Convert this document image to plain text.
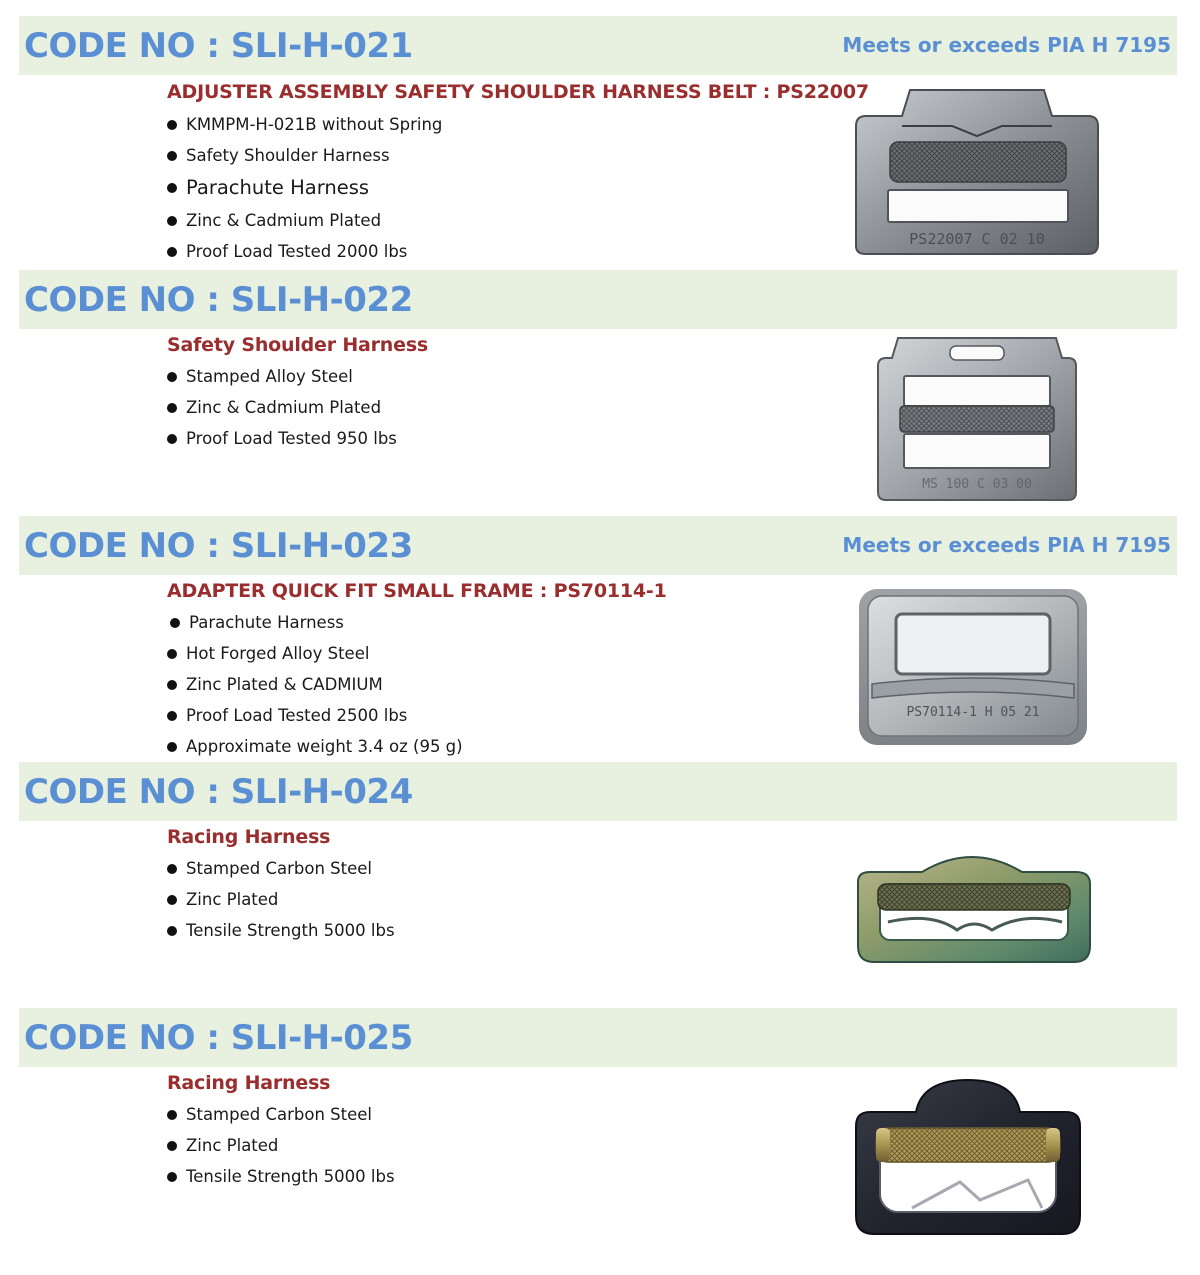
CODE NO : SLI-H-021	Meets or exceeds PIA H 7195
ADJUSTER ASSEMBLY SAFETY SHOULDER HARNESS BELT : PS22007
KMMPM-H-021B without Spring
Safety Shoulder Harness
Parachute Harness
Zinc & Cadmium Plated
Proof Load Tested 2000 lbs
PS22007 C 02 10
CODE NO : SLI-H-022
Safety Shoulder Harness
Stamped Alloy Steel
Zinc & Cadmium Plated
Proof Load Tested 950 lbs
MS 100 C 03 00
CODE NO : SLI-H-023	Meets or exceeds PIA H 7195
ADAPTER QUICK FIT SMALL FRAME : PS70114-1
Parachute Harness
Hot Forged Alloy Steel
Zinc Plated & CADMIUM
Proof Load Tested 2500 lbs
Approximate weight 3.4 oz (95 g)
PS70114-1 H 05 21
CODE NO : SLI-H-024
Racing Harness
Stamped Carbon Steel
Zinc Plated
Tensile Strength 5000 lbs
CODE NO : SLI-H-025
Racing Harness
Stamped Carbon Steel
Zinc Plated
Tensile Strength 5000 lbs
